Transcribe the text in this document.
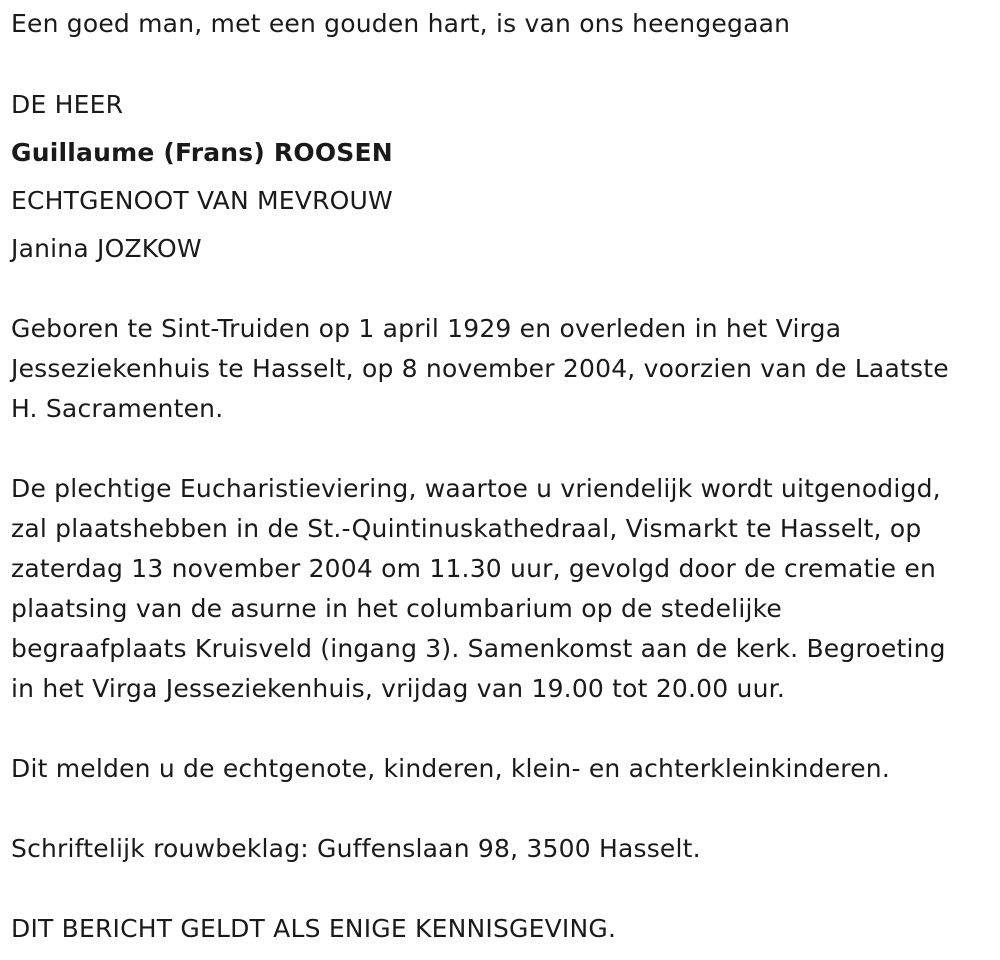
Een goed man, met een gouden hart, is van ons heengegaan
DE HEER
Guillaume (Frans) ROOSEN
ECHTGENOOT VAN MEVROUW
Janina JOZKOW
Geboren te Sint-Truiden op 1 april 1929 en overleden in het Virga
Jesseziekenhuis te Hasselt, op 8 november 2004, voorzien van de Laatste
H. Sacramenten.
De plechtige Eucharistieviering, waartoe u vriendelijk wordt uitgenodigd,
zal plaatshebben in de St.-Quintinuskathedraal, Vismarkt te Hasselt, op
zaterdag 13 november 2004 om 11.30 uur, gevolgd door de crematie en
plaatsing van de asurne in het columbarium op de stedelijke
begraafplaats Kruisveld (ingang 3). Samenkomst aan de kerk. Begroeting
in het Virga Jesseziekenhuis, vrijdag van 19.00 tot 20.00 uur.
Dit melden u de echtgenote, kinderen, klein- en achterkleinkinderen.
Schriftelijk rouwbeklag: Guffenslaan 98, 3500 Hasselt.
DIT BERICHT GELDT ALS ENIGE KENNISGEVING.
